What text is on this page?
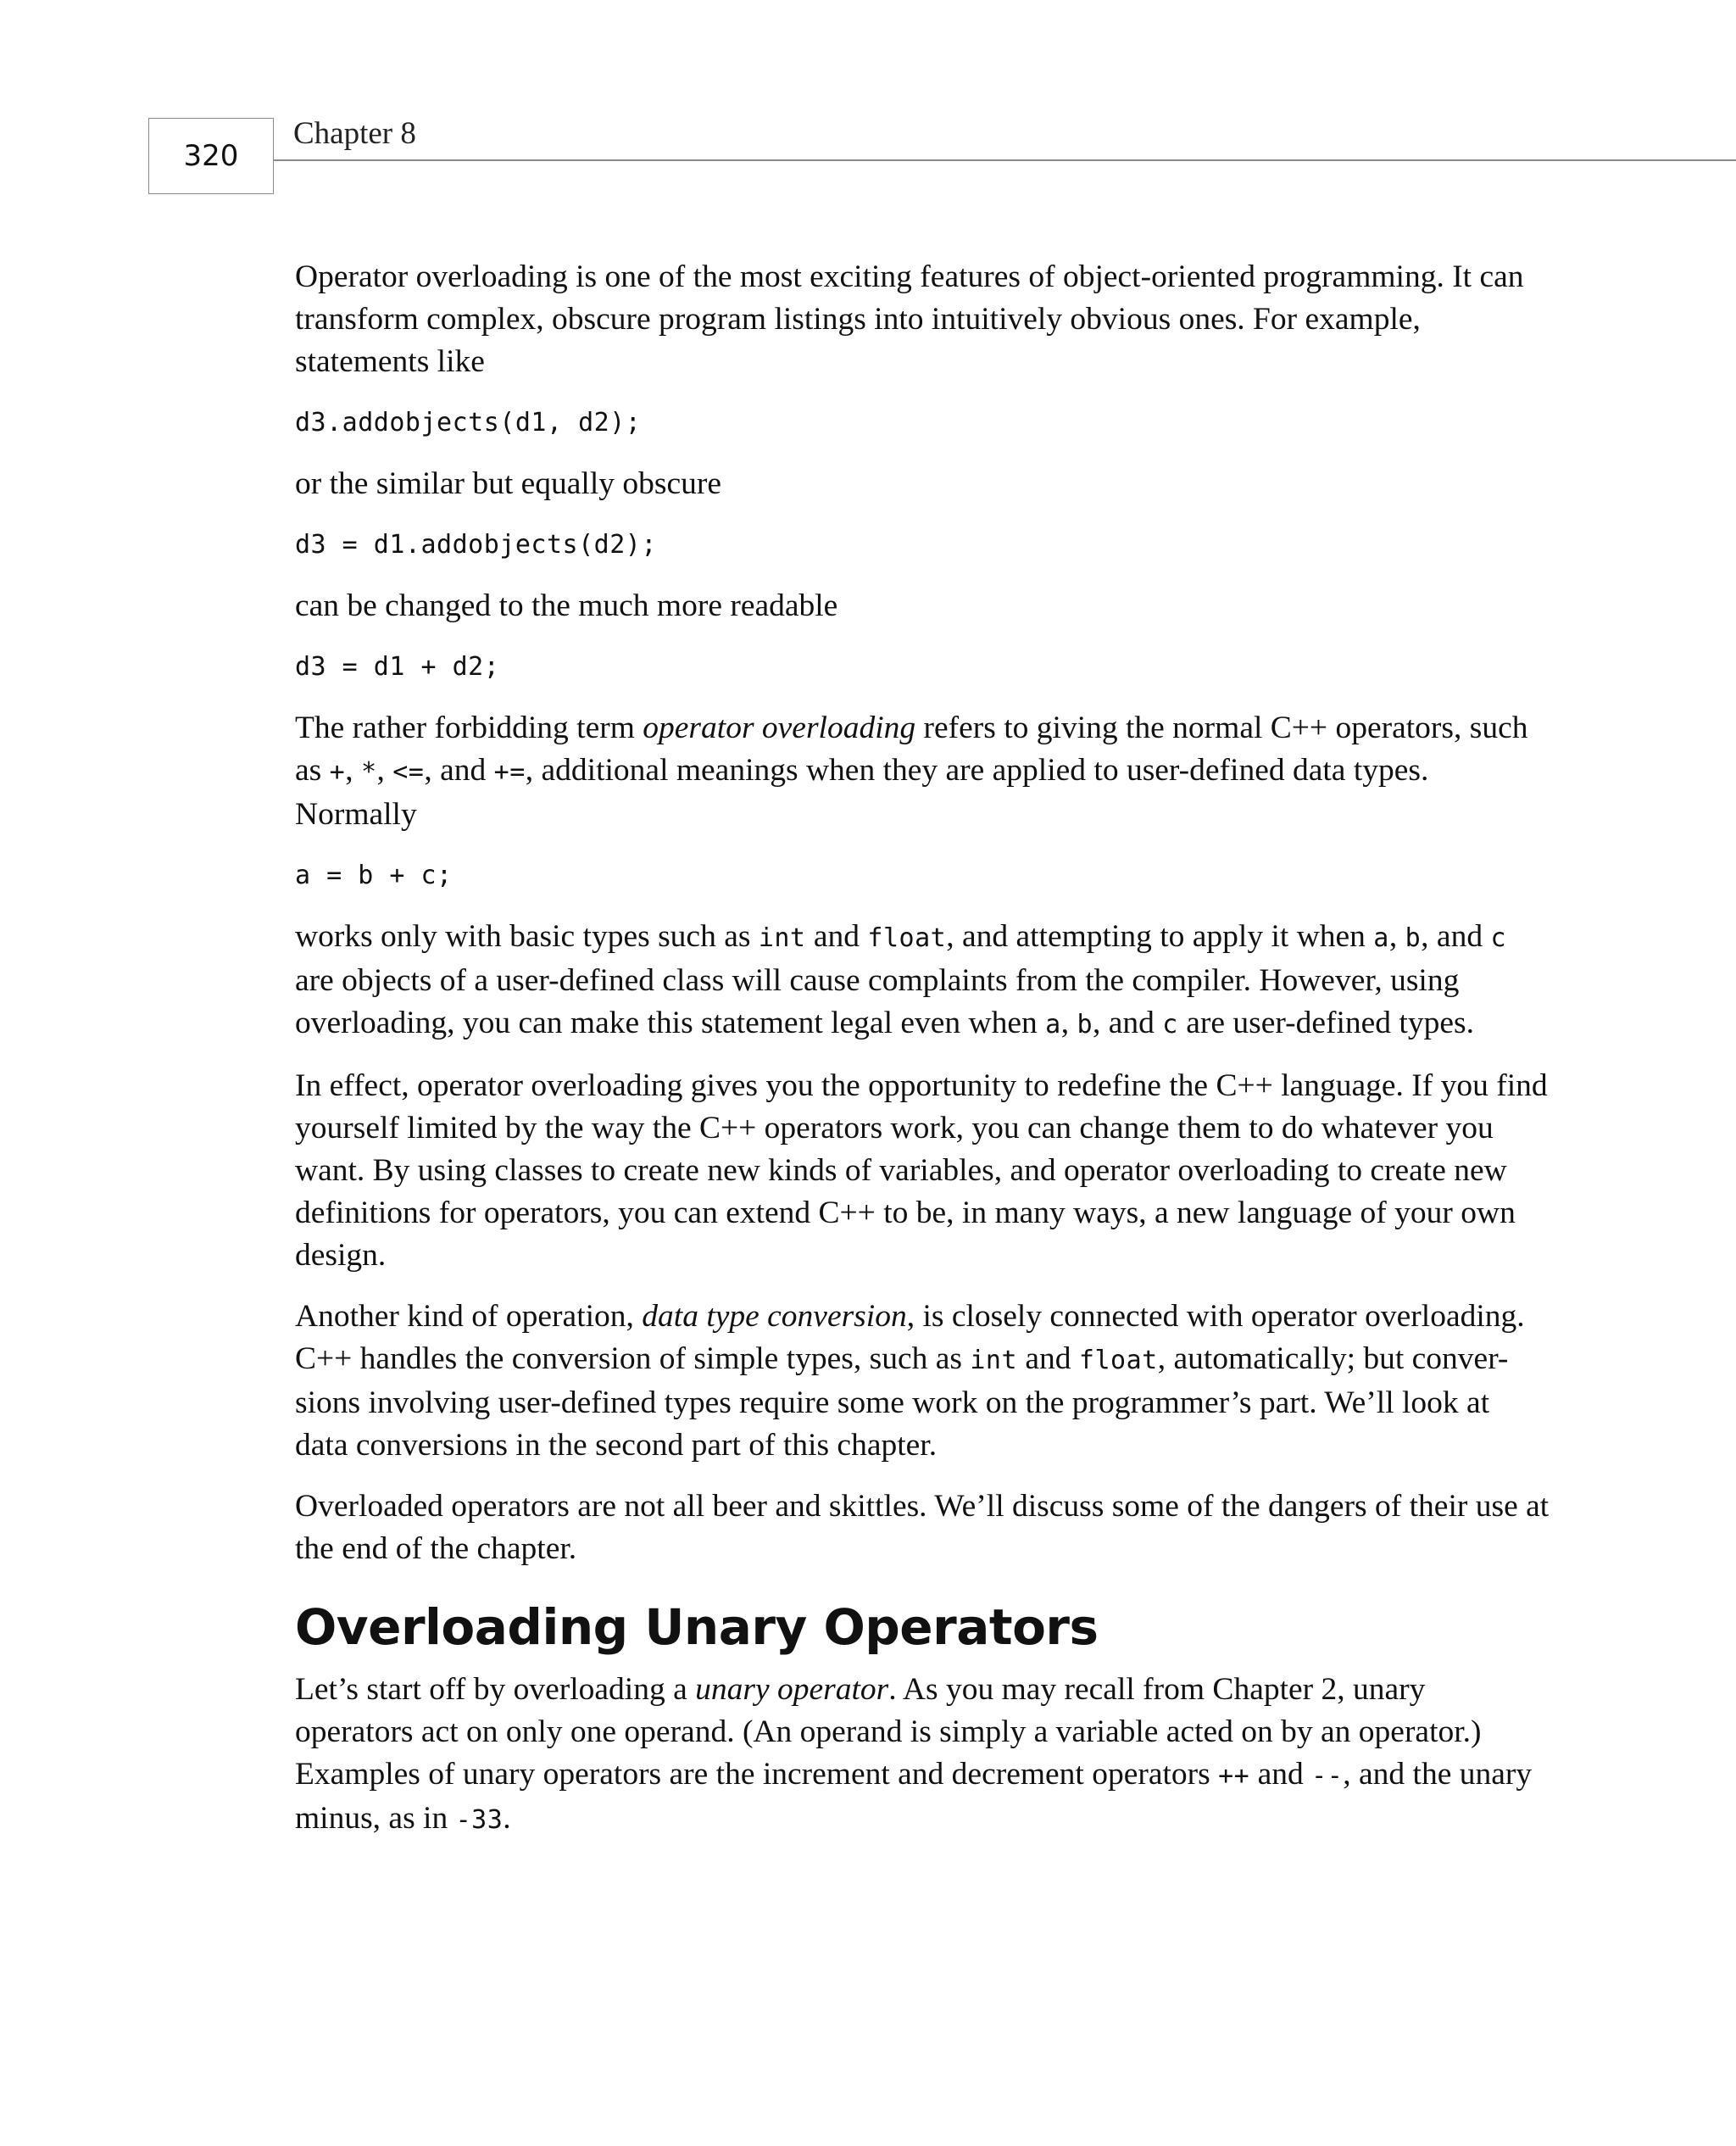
320
Chapter 8

Operator overloading is one of the most exciting features of object-oriented programming. It can transform complex, obscure program listings into intuitively obvious ones. For example, statements like

d3.addobjects(d1, d2);

or the similar but equally obscure

d3 = d1.addobjects(d2);

can be changed to the much more readable

d3 = d1 + d2;

The rather forbidding term operator overloading refers to giving the normal C++ operators, such as +, *, <=, and +=, additional meanings when they are applied to user-defined data types. Normally

a = b + c;

works only with basic types such as int and float, and attempting to apply it when a, b, and c are objects of a user-defined class will cause complaints from the compiler. However, using overloading, you can make this statement legal even when a, b, and c are user-defined types.

In effect, operator overloading gives you the opportunity to redefine the C++ language. If you find yourself limited by the way the C++ operators work, you can change them to do whatever you want. By using classes to create new kinds of variables, and operator overloading to create new definitions for operators, you can extend C++ to be, in many ways, a new language of your own design.

Another kind of operation, data type conversion, is closely connected with operator overloading. C++ handles the conversion of simple types, such as int and float, automatically; but conver-sions involving user-defined types require some work on the programmer’s part. We’ll look at data conversions in the second part of this chapter.

Overloaded operators are not all beer and skittles. We’ll discuss some of the dangers of their use at the end of the chapter.

Overloading Unary Operators

Let’s start off by overloading a unary operator. As you may recall from Chapter 2, unary operators act on only one operand. (An operand is simply a variable acted on by an operator.) Examples of unary operators are the increment and decrement operators ++ and --, and the unary minus, as in -33.
